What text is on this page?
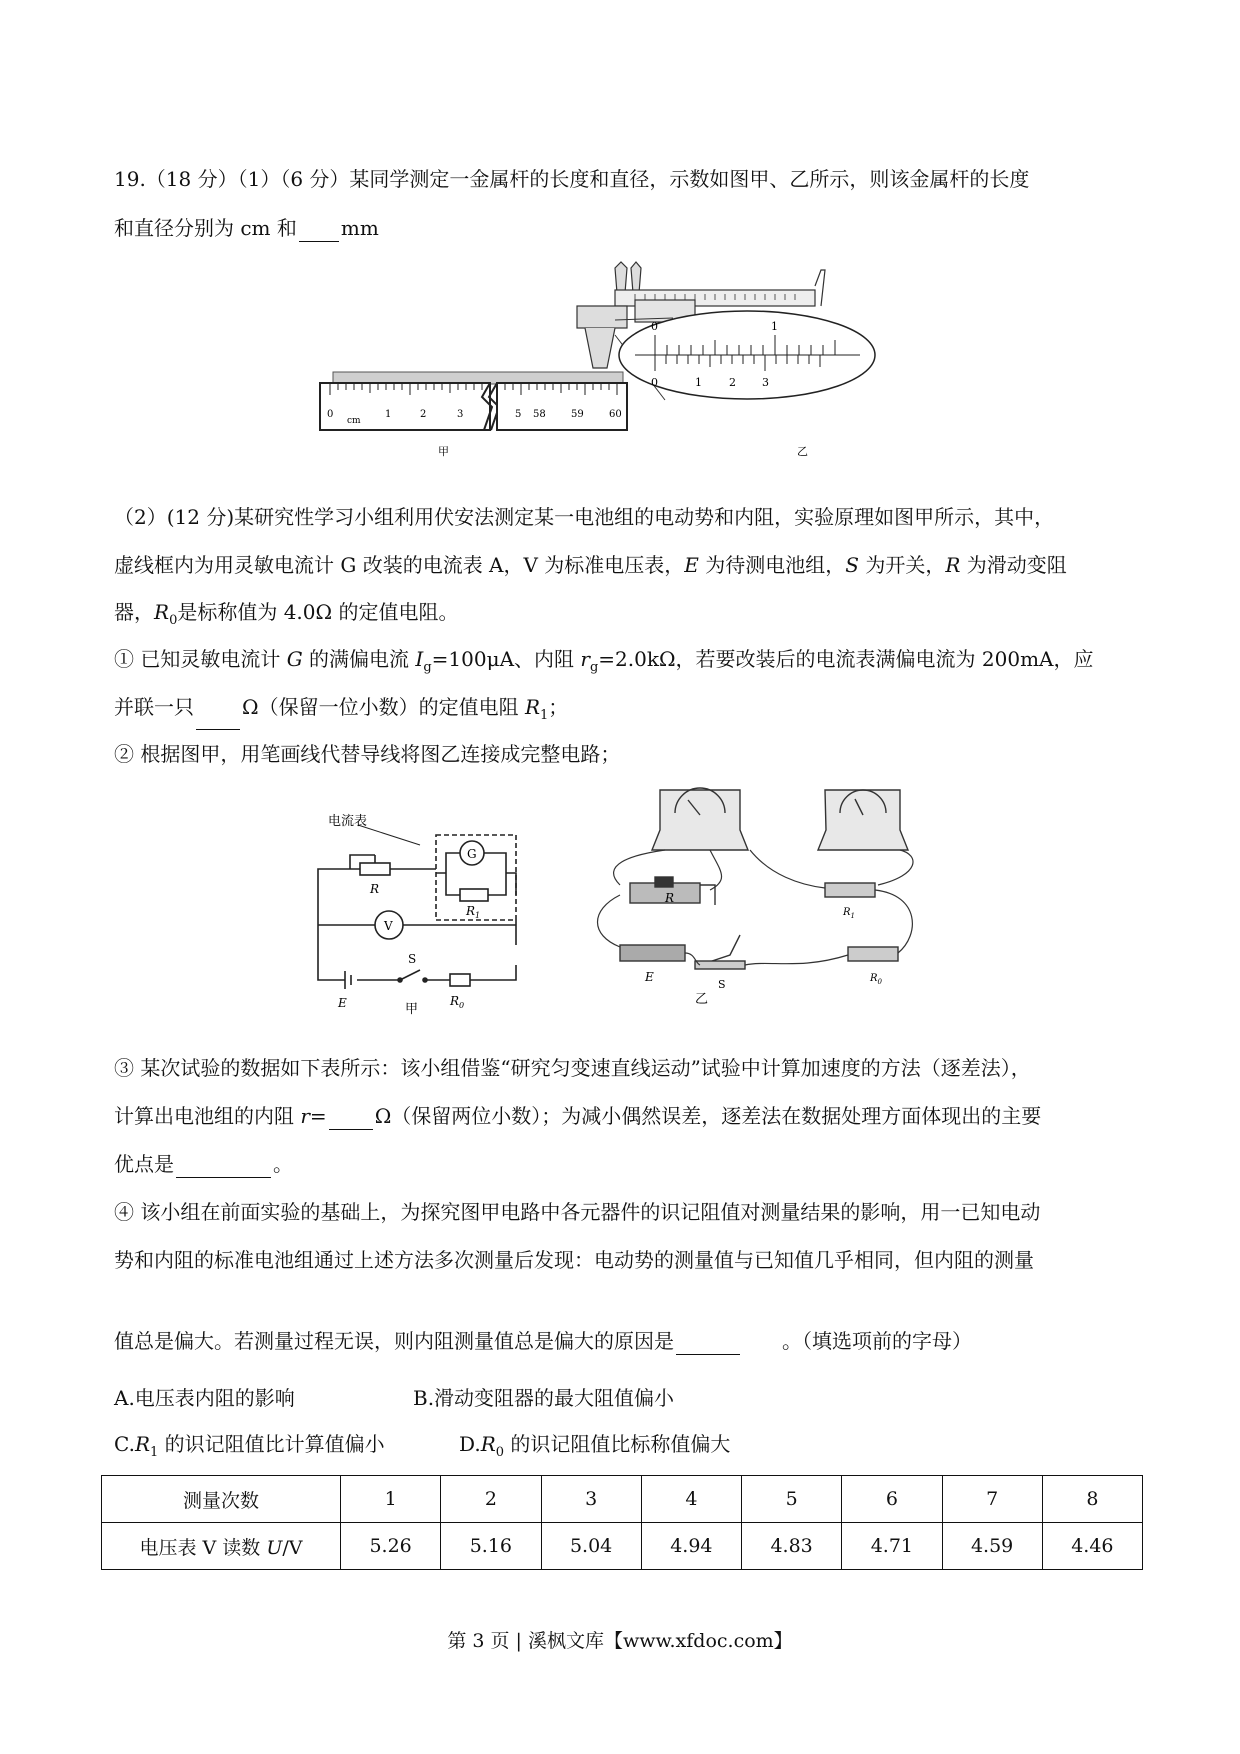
19.（18 分）（1）（6 分）某同学测定一金属杆的长度和直径，示数如图甲、乙所示，则该金属杆的长度
和直径分别为 cm 和 mm
0
cm
1	2	3	5 58	59	60
甲
0	1
0	1 2 3
乙
（2）(12 分)某研究性学习小组利用伏安法测定某一电池组的电动势和内阻，实验原理如图甲所示，其中，
虚线框内为用灵敏电流计 G 改装的电流表 A，V 为标准电压表，E 为待测电池组，S 为开关，R 为滑动变阻
器，$R_0$是标称值为 4.0Ω 的定值电阻。
① 已知灵敏电流计 G 的满偏电流 $I_g=100\mu A$、内阻 $r_g=2.0k\Omega$，若要改装后的电流表满偏电流为 200mA，应
并联一只 Ω（保留一位小数）的定值电阻 $R_1$；
② 根据图甲，用笔画线代替导线将图乙连接成完整电路；
电流表
G
R
V
$R_1$
E
S
$R_0$
甲
R
$R_1$
E
S	$R_0$
乙
③ 某次试验的数据如下表所示：该小组借鉴“研究匀变速直线运动”试验中计算加速度的方法（逐差法），
计算出电池组的内阻 r= Ω（保留两位小数）；为减小偶然误差，逐差法在数据处理方面体现出的主要
优点是	。
④ 该小组在前面实验的基础上，为探究图甲电路中各元器件的识记阻值对测量结果的影响，用一已知电动
势和内阻的标准电池组通过上述方法多次测量后发现：电动势的测量值与已知值几乎相同，但内阻的测量
值总是偏大。若测量过程无误，则内阻测量值总是偏大的原因是	。（填选项前的字母）
A.电压表内阻的影响	B.滑动变阻器的最大阻值偏小
$C.R_1$ 的识记阻值比计算值偏小	$D.R_0$ 的识记阻值比标称值偏大
测量次数	1	2	3	4	5	6	7	8
电压表 V 读数 U/V	5.26	5.16	5.04	4.94	4.83	4.71	4.59	4.46
第 3 页 | 溪枫文库【www.xfdoc.com】
